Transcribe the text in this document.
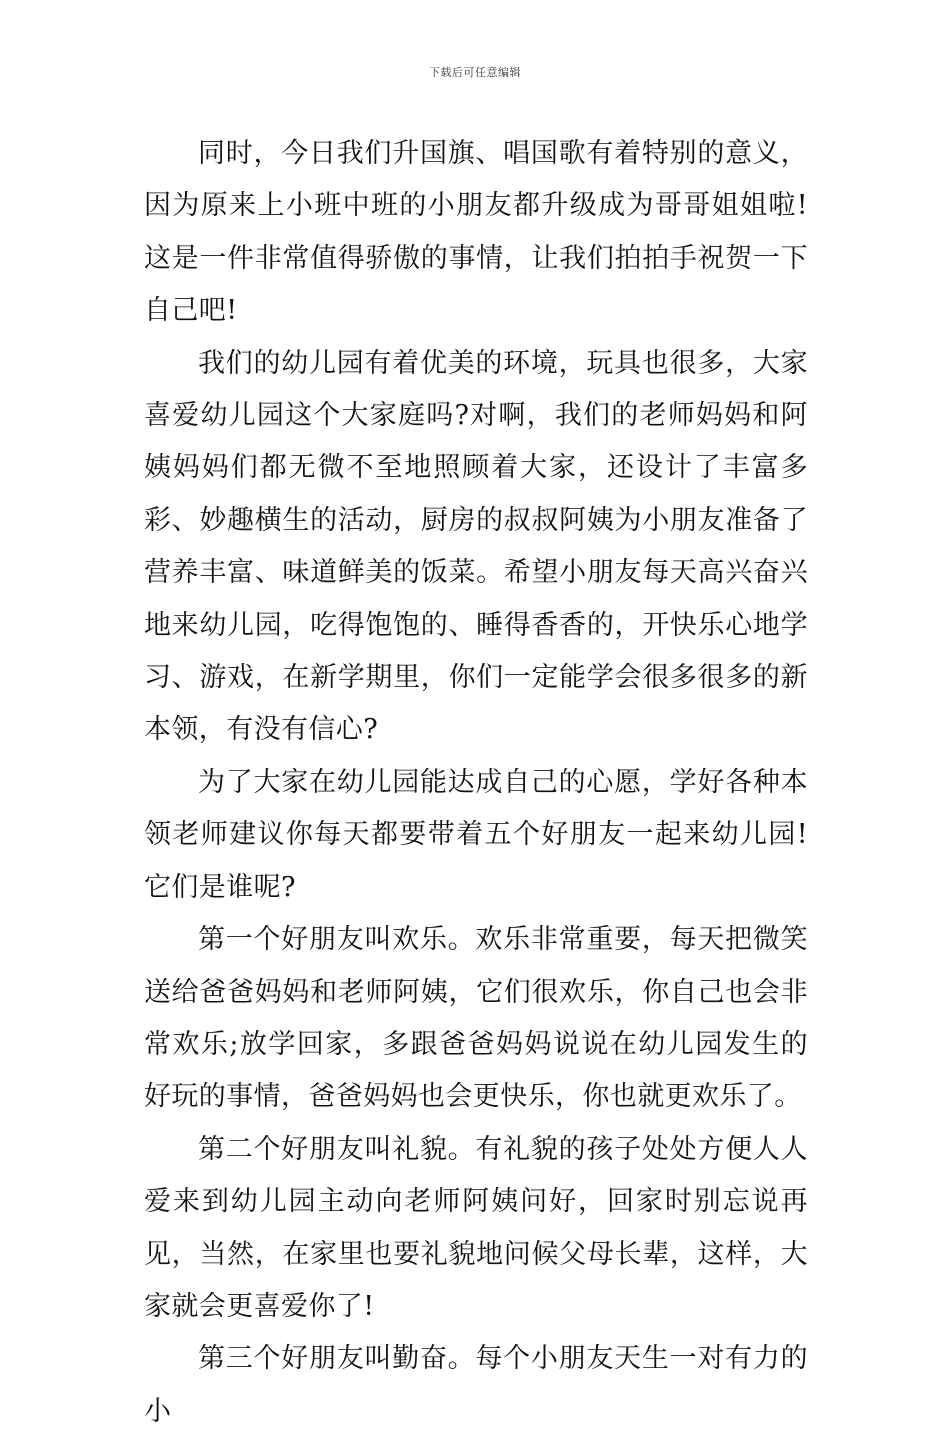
下载后可任意编辑

同时，今日我们升国旗、唱国歌有着特别的意义，因为原来上小班中班的小朋友都升级成为哥哥姐姐啦!这是一件非常值得骄傲的事情，让我们拍拍手祝贺一下自己吧!

我们的幼儿园有着优美的环境，玩具也很多，大家喜爱幼儿园这个大家庭吗?对啊，我们的老师妈妈和阿姨妈妈们都无微不至地照顾着大家，还设计了丰富多彩、妙趣横生的活动，厨房的叔叔阿姨为小朋友准备了营养丰富、味道鲜美的饭菜。希望小朋友每天高兴奋兴地来幼儿园，吃得饱饱的、睡得香香的，开快乐心地学习、游戏，在新学期里，你们一定能学会很多很多的新本领，有没有信心?

为了大家在幼儿园能达成自己的心愿，学好各种本领老师建议你每天都要带着五个好朋友一起来幼儿园!它们是谁呢?

第一个好朋友叫欢乐。欢乐非常重要，每天把微笑送给爸爸妈妈和老师阿姨，它们很欢乐，你自己也会非常欢乐;放学回家，多跟爸爸妈妈说说在幼儿园发生的好玩的事情，爸爸妈妈也会更快乐，你也就更欢乐了。

第二个好朋友叫礼貌。有礼貌的孩子处处方便人人爱来到幼儿园主动向老师阿姨问好，回家时别忘说再见，当然，在家里也要礼貌地问候父母长辈，这样，大家就会更喜爱你了!

第三个好朋友叫勤奋。每个小朋友天生一对有力的小
